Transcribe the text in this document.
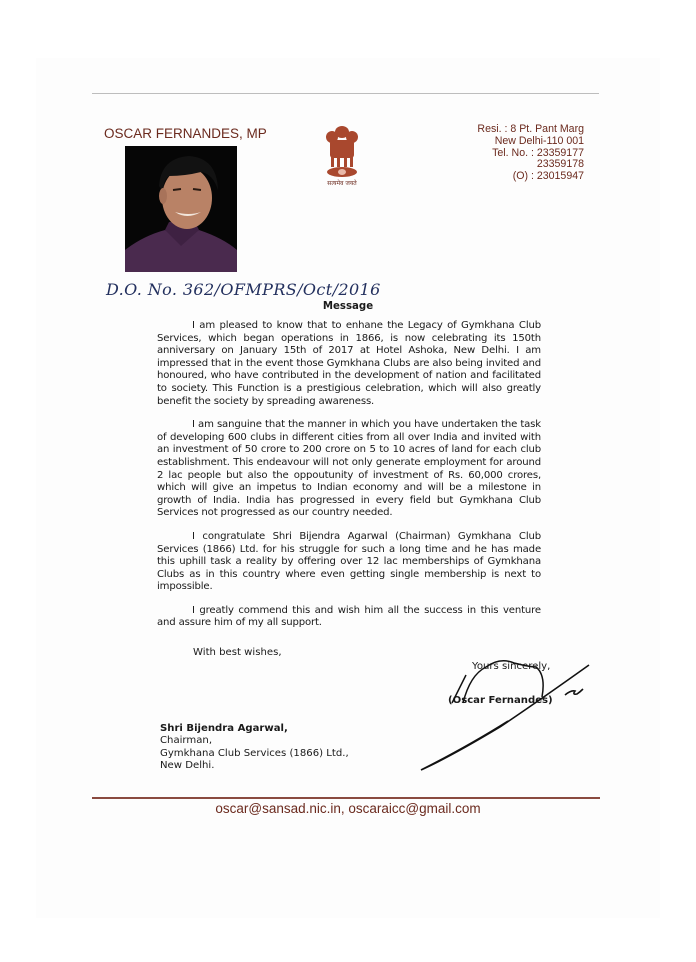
OSCAR FERNANDES, MP
सत्यमेव जयते
Resi. : 8 Pt. Pant Marg
New Delhi-110 001
Tel. No. : 23359177
23359178
(O) : 23015947
D.O. No. 362/OFMPRS/Oct/2016
Message

I am pleased to know that to enhane the Legacy of Gymkhana Club Services, which began operations in 1866, is now celebrating its 150th anniversary on January 15th of 2017 at Hotel Ashoka, New Delhi. I am impressed that in the event those Gymkhana Clubs are also being invited and honoured, who have contributed in the development of nation and facilitated to society. This Function is a prestigious celebration, which will also greatly benefit the society by spreading awareness.

I am sanguine that the manner in which you have undertaken the task of developing 600 clubs in different cities from all over India and invited with an investment of 50 crore to 200 crore on 5 to 10 acres of land for each club establishment. This endeavour will not only generate employment for around 2 lac people but also the oppoutunity of investment of Rs. 60,000 crores, which will give an impetus to Indian economy and will be a milestone in growth of India. India has progressed in every field but Gymkhana Club Services not progressed as our country needed.

I congratulate Shri Bijendra Agarwal (Chairman) Gymkhana Club Services (1866) Ltd. for his struggle for such a long time and he has made this uphill task a reality by offering over 12 lac memberships of Gymkhana Clubs as in this country where even getting single membership is next to impossible.

I greatly commend this and wish him all the success in this venture and assure him of my all support.

With best wishes,
Yours sincerely,
(Oscar Fernandes)
Shri Bijendra Agarwal,
Chairman,
Gymkhana Club Services (1866) Ltd.,
New Delhi.
oscar@sansad.nic.in, oscaraicc@gmail.com
